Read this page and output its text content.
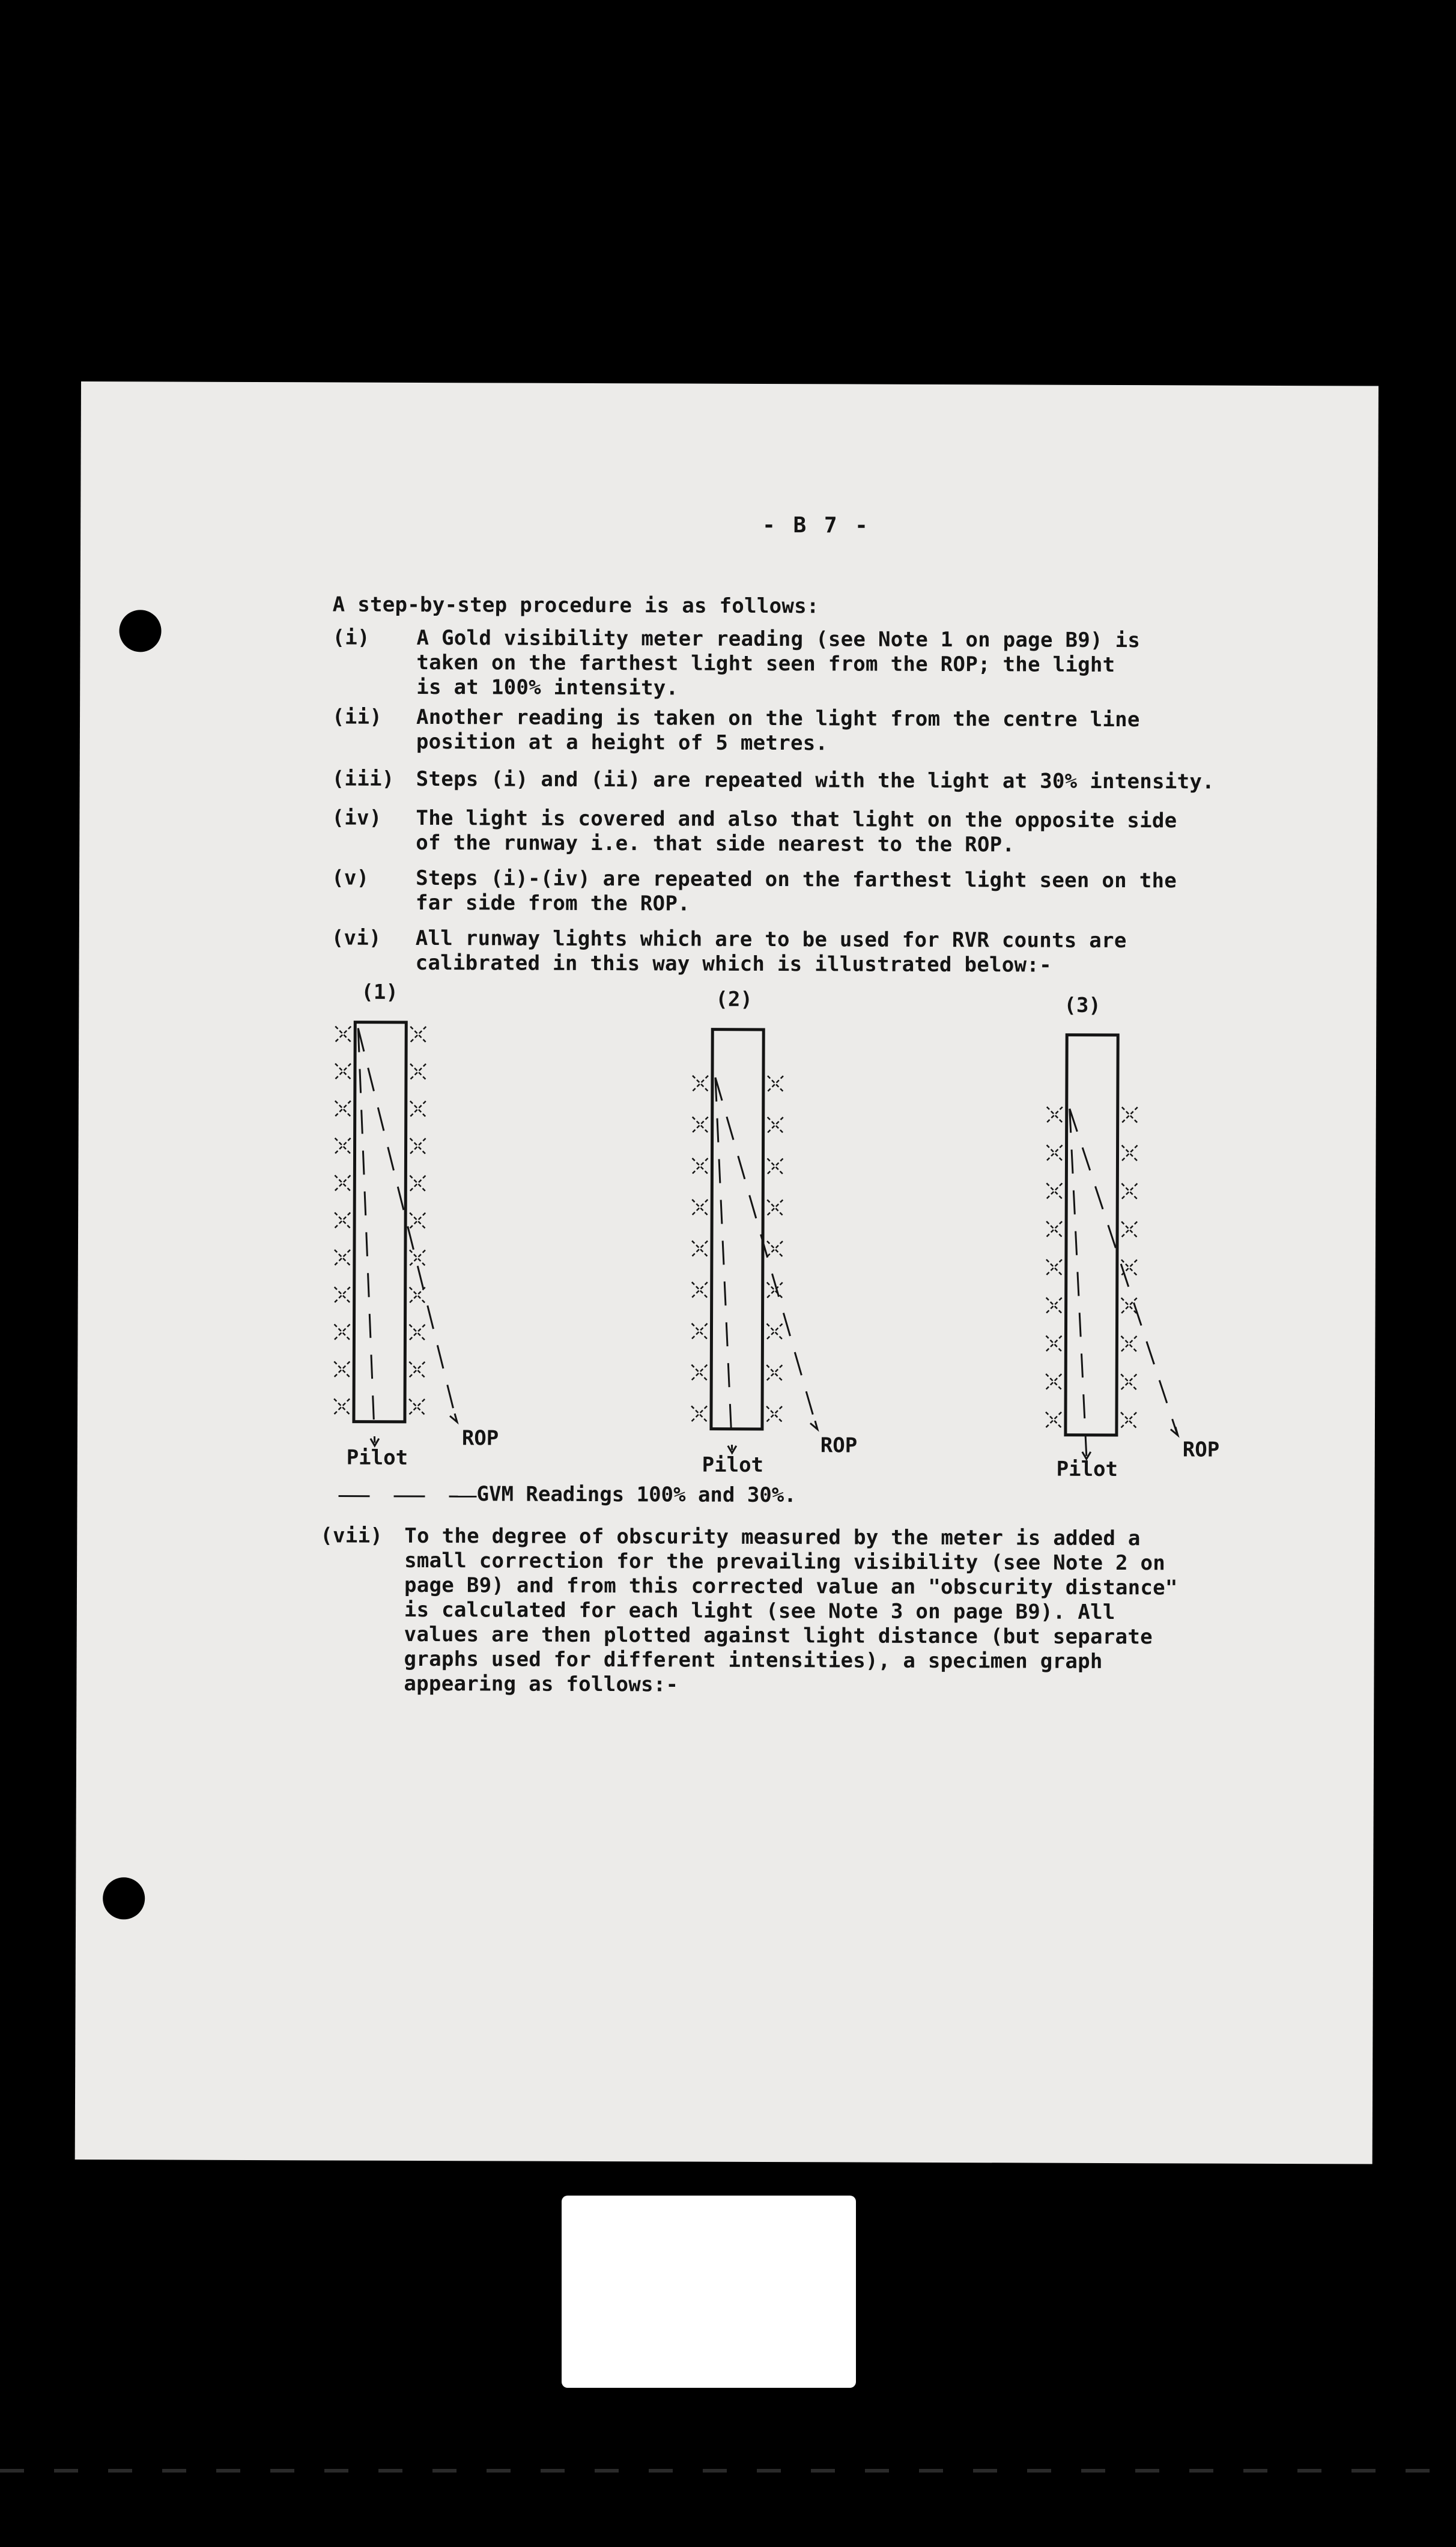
- B 7 -
A step-by-step procedure is as follows:
(i) A Gold visibility meter reading (see Note 1 on page B9) is
taken on the farthest light seen from the ROP; the light
is at 100% intensity.
(ii) Another reading is taken on the light from the centre line
position at a height of 5 metres.
(iii) Steps (i) and (ii) are repeated with the light at 30% intensity.
(iv) The light is covered and also that light on the opposite side
of the runway i.e. that side nearest to the ROP.
(v) Steps (i)-(iv) are repeated on the farthest light seen on the
far side from the ROP.
(vi) All runway lights which are to be used for RVR counts are
calibrated in this way which is illustrated below:-
(1)	(2)	(3)
Pilot
ROP
Pilot
ROP
Pilot
ROP
GVM Readings 100% and 30%.
(vii) To the degree of obscurity measured by the meter is added a
small correction for the prevailing visibility (see Note 2 on
page B9) and from this corrected value an "obscurity distance"
is calculated for each light (see Note 3 on page B9). All
values are then plotted against light distance (but separate
graphs used for different intensities), a specimen graph
appearing as follows:-
